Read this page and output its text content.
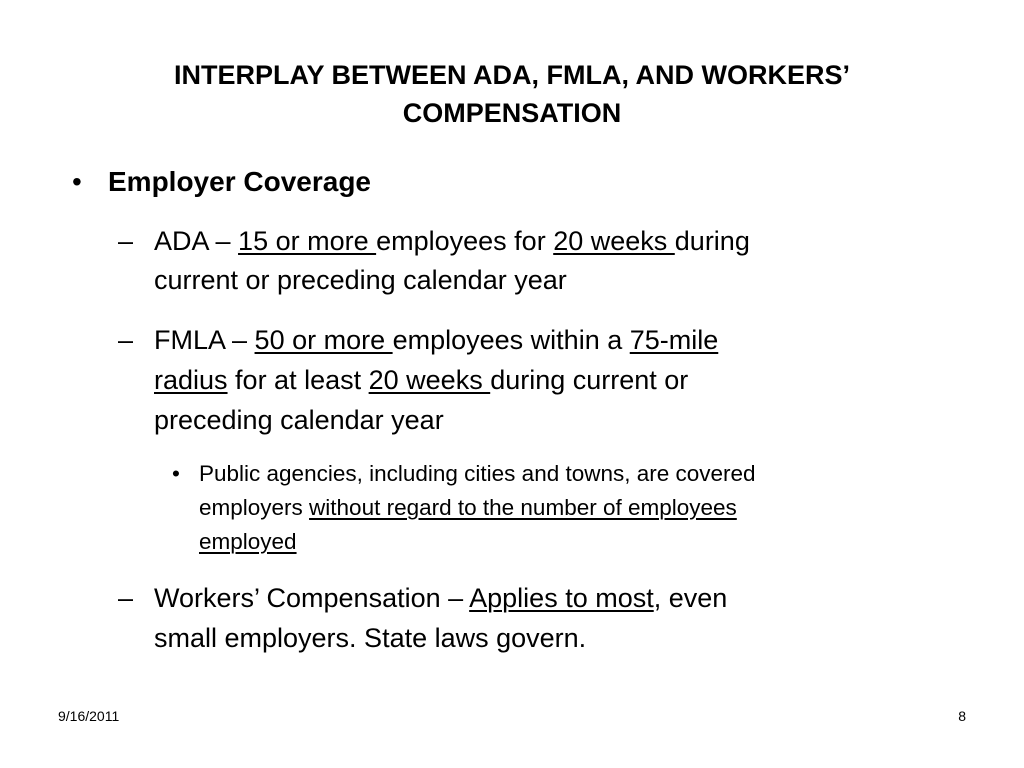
INTERPLAY BETWEEN ADA, FMLA, AND WORKERS’
COMPENSATION
• Employer Coverage
– ADA – 15 or more employees for 20 weeks during
current or preceding calendar year
– FMLA – 50 or more employees within a 75-mile
radius for at least 20 weeks during current or
preceding calendar year
• Public agencies, including cities and towns, are covered
employers without regard to the number of employees
employed
– Workers’ Compensation – Applies to most, even
small employers. State laws govern.
9/16/2011	8
